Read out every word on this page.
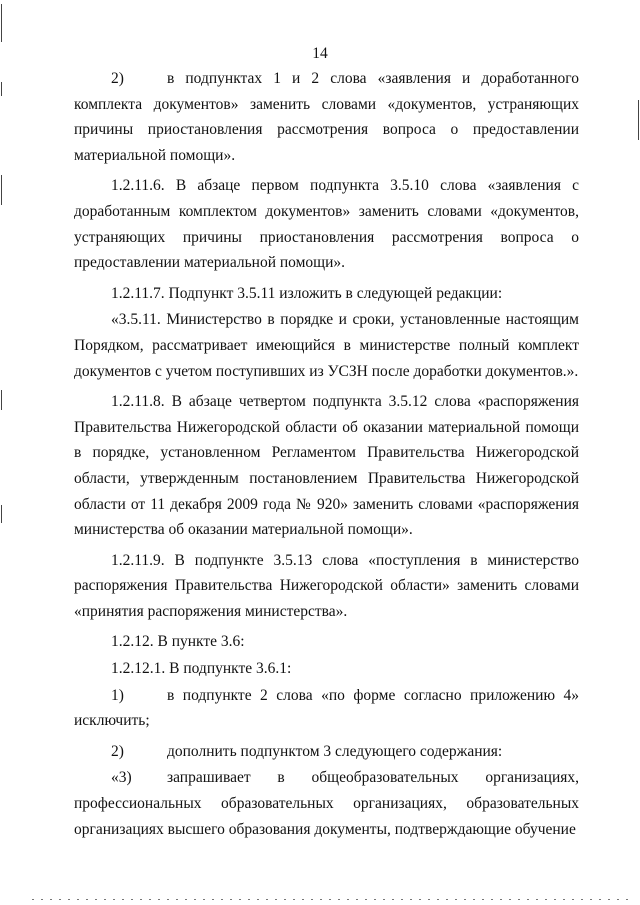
14

2)	в подпунктах 1 и 2 слова «заявления и доработанного комплекта документов» заменить словами «документов, устраняющих причины приостановления рассмотрения вопроса о предоставлении материальной помощи».

1.2.11.6. В абзаце первом подпункта 3.5.10 слова «заявления с доработанным комплектом документов» заменить словами «документов, устраняющих причины приостановления рассмотрения вопроса о предоставлении материальной помощи».

1.2.11.7. Подпункт 3.5.11 изложить в следующей редакции:

«3.5.11. Министерство в порядке и сроки, установленные настоящим Порядком, рассматривает имеющийся в министерстве полный комплект документов с учетом поступивших из УСЗН после доработки документов.».

1.2.11.8. В абзаце четвертом подпункта 3.5.12 слова «распоряжения Правительства Нижегородской области об оказании материальной помощи в порядке, установленном Регламентом Правительства Нижегородской области, утвержденным постановлением Правительства Нижегородской области от 11 декабря 2009 года № 920» заменить словами «распоряжения министерства об оказании материальной помощи».

1.2.11.9. В подпункте 3.5.13 слова «поступления в министерство распоряжения Правительства Нижегородской области» заменить словами «принятия распоряжения министерства».

1.2.12. В пункте 3.6:

1.2.12.1. В подпункте 3.6.1:

1)	в подпункте 2 слова «по форме согласно приложению 4» исключить;

2)	дополнить подпунктом 3 следующего содержания:

«3) запрашивает в общеобразовательных организациях, профессиональных образовательных организациях, образовательных организациях высшего образования документы, подтверждающие обучение
